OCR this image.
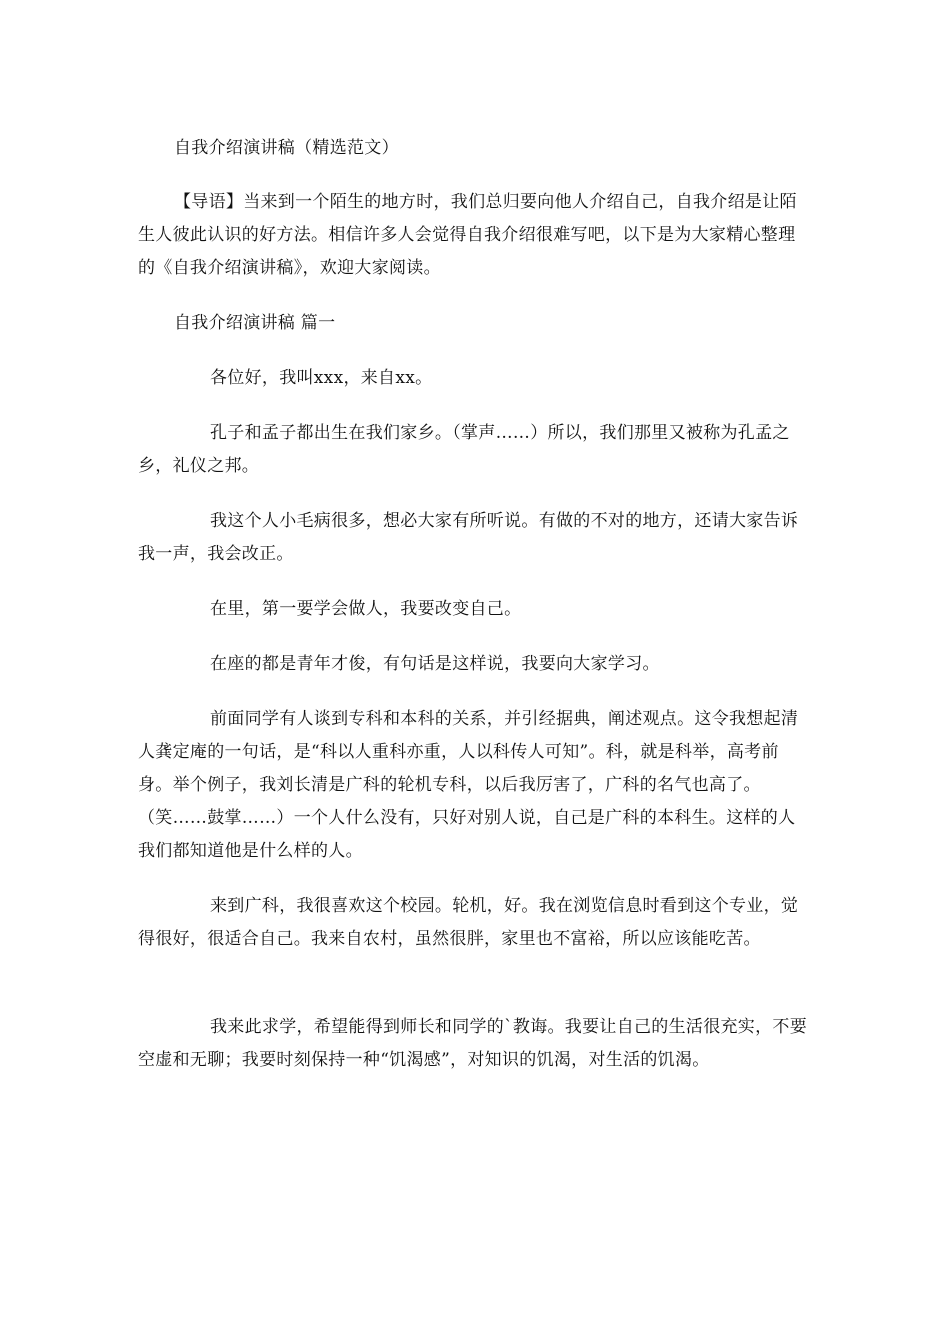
自我介绍演讲稿（精选范文）

【导语】当来到一个陌生的地方时，我们总归要向他人介绍自己，自我介绍是让陌生人彼此认识的好方法。相信许多人会觉得自我介绍很难写吧，以下是为大家精心整理的《自我介绍演讲稿》，欢迎大家阅读。

自我介绍演讲稿 篇一

各位好，我叫xxx，来自xx。

孔子和孟子都出生在我们家乡。（掌声……）所以，我们那里又被称为孔孟之乡，礼仪之邦。

我这个人小毛病很多，想必大家有所听说。有做的不对的地方，还请大家告诉我一声，我会改正。

在里，第一要学会做人，我要改变自己。

在座的都是青年才俊，有句话是这样说，我要向大家学习。

前面同学有人谈到专科和本科的关系，并引经据典，阐述观点。这令我想起清人龚定庵的一句话，是“科以人重科亦重，人以科传人可知”。科，就是科举，高考前身。举个例子，我刘长清是广科的轮机专科，以后我厉害了，广科的名气也高了。（笑……鼓掌……）一个人什么没有，只好对别人说，自己是广科的本科生。这样的人我们都知道他是什么样的人。

来到广科，我很喜欢这个校园。轮机，好。我在浏览信息时看到这个专业，觉得很好，很适合自己。我来自农村，虽然很胖，家里也不富裕，所以应该能吃苦。

我来此求学，希望能得到师长和同学的`教诲。我要让自己的生活很充实，不要空虚和无聊；我要时刻保持一种“饥渴感”，对知识的饥渴，对生活的饥渴。
